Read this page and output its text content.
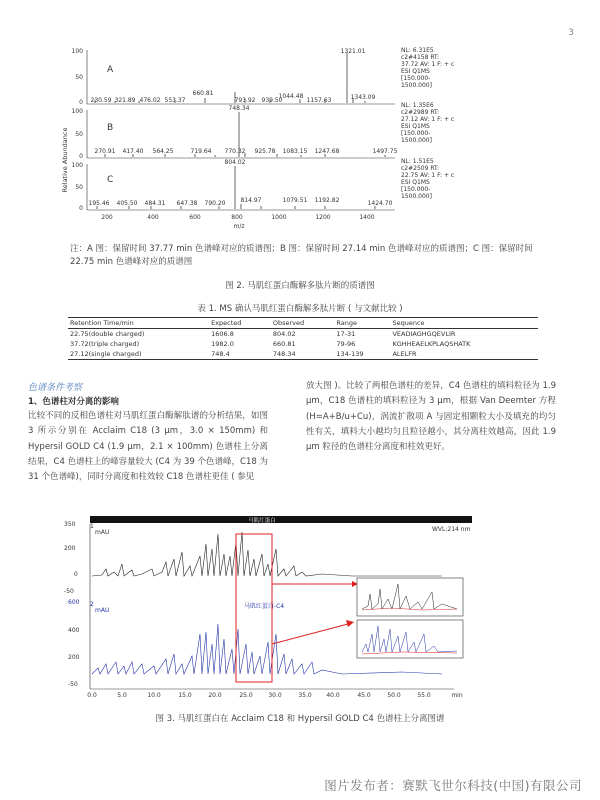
3
Relative Abundance
100
50
0
A
1321.01
230.59 321.89 476.02 553.37
660.81
793.92 939.50
1044.48
1157.63	1343.09
NL: 6.31E5
c2#4158 RT:
37.72 AV: 1 F: + c
ESI Q1MS
[150.000-
1500.000]
100
50
0
B
748.34
270.91 417.40 564.25	719.64 770.32 925.78 1083.15 1247.68	1497.75
NL: 1.35E6
c2#2989 RT:
27.12 AV: 1 F: + c
ESI Q1MS
[150.000-
1500.000]
100
50
0
C
804.02
195.46 405.50 484.31 647.38 790.20	814.97	1079.51 1192.82	1424.70
NL: 1.51E5
c2#2509 RT:
22.75 AV: 1 F: + c
ESI Q1MS
[150.000-
1500.000]
200	400	600	800	1000	1200	1400
m/z
注：A 图：保留时间 37.77 min 色谱峰对应的质谱图；B 图：保留时间 27.14 min 色谱峰对应的质谱图；C 图：保留时间 22.75 min 色谱峰对应的质谱图
图 2. 马肌红蛋白酶解多肽片断的质谱图
表 1. MS 确认马肌红蛋白酶解多肽片断 ( 与文献比较 )
Retention Time/min	Expected	Observed	Range	Sequence
22.75(double charged)	1606.8	804.02	17-31	VEADIAGHGQEVLIR
37.72(triple charged)	1982.0	660.81	79-96	KGHHEAELKPLAQSHATK
27.12(single charged)	748.4	748.34	134-139	ALELFR
色谱条件考察
1、色谱柱对分离的影响
比较不同的反相色谱柱对马肌红蛋白酶解肽谱的分析结果，如图 3 所示分别在 Acclaim C18 (3 μm，3.0 × 150mm) 和 Hypersil GOLD C4 (1.9 μm，2.1 × 100mm) 色谱柱上分离结果，C4 色谱柱上的峰容量较大 (C4 为 39 个色谱峰，C18 为 31 个色谱峰)，同时分离度和柱效较 C18 色谱柱更佳 ( 参见
放大图 )。比较了两根色谱柱的差异，C4 色谱柱的填料粒径为 1.9 μm，C18 色谱柱的填料粒径为 3 μm，根据 Van Deemter 方程 (H=A+B/u+Cu)，涡流扩散项 A 与固定相颗粒大小及填充的均匀性有关，填料大小越均匀且粒径越小，其分离柱效越高，因此 1.9 μm 粒径的色谱柱分离度和柱效更好。
马肌红蛋白
WVL:214 nm
350
200
0
-50
600
400
200
-50
1
mAU
2
mAU
马肌红蛋白-C4
0.0	5.0	10.0	15.0	20.0	25.0	30.0	35.0 40.0	45.0	50.0	55.0	min
图 3. 马肌红蛋白在 Acclaim C18 和 Hypersil GOLD C4 色谱柱上分离图谱
图片发布者：赛默飞世尔科技(中国)有限公司
